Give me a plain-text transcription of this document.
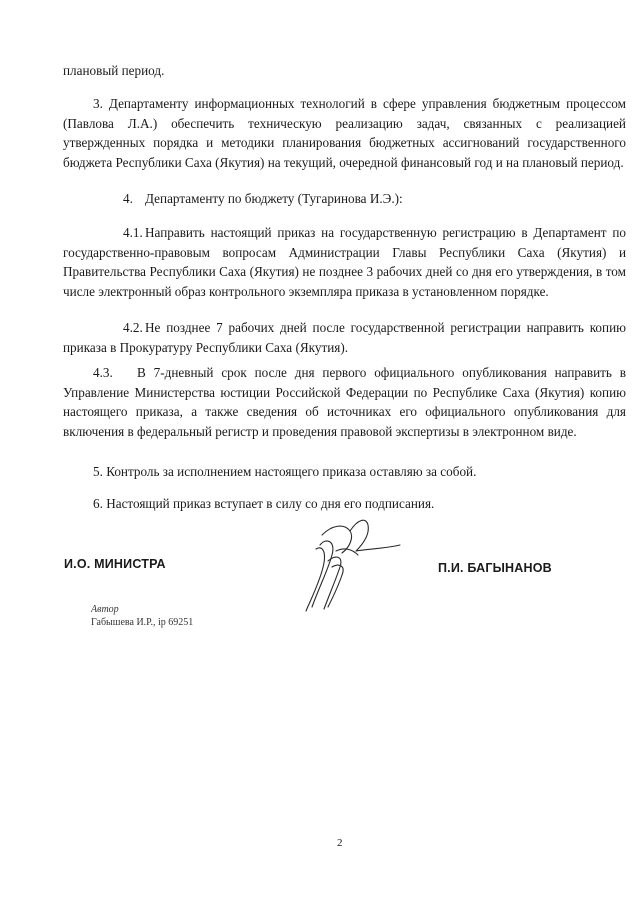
плановый период.

3. Департаменту информационных технологий в сфере управления бюджетным процессом (Павлова Л.А.) обеспечить техническую реализацию задач, связанных с реализацией утвержденных порядка и методики планирования бюджетных ассигнований государственного бюджета Республики Саха (Якутия) на текущий, очередной финансовый год и на плановый период.

4. Департаменту по бюджету (Тугаринова И.Э.):

4.1. Направить настоящий приказ на государственную регистрацию в Департамент по государственно-правовым вопросам Администрации Главы Республики Саха (Якутия) и Правительства Республики Саха (Якутия) не позднее 3 рабочих дней со дня его утверждения, в том числе электронный образ контрольного экземпляра приказа в установленном порядке.

4.2. Не позднее 7 рабочих дней после государственной регистрации направить копию приказа в Прокуратуру Республики Саха (Якутия).

4.3. В 7-дневный срок после дня первого официального опубликования направить в Управление Министерства юстиции Российской Федерации по Республике Саха (Якутия) копию настоящего приказа, а также сведения об источниках его официального опубликования для включения в федеральный регистр и проведения правовой экспертизы в электронном виде.

5. Контроль за исполнением настоящего приказа оставляю за собой.

6. Настоящий приказ вступает в силу со дня его подписания.

И.О. МИНИСТРА	П.И. БАГЫНАНОВ

Автор

Габышева И.Р., ip 69251

2
